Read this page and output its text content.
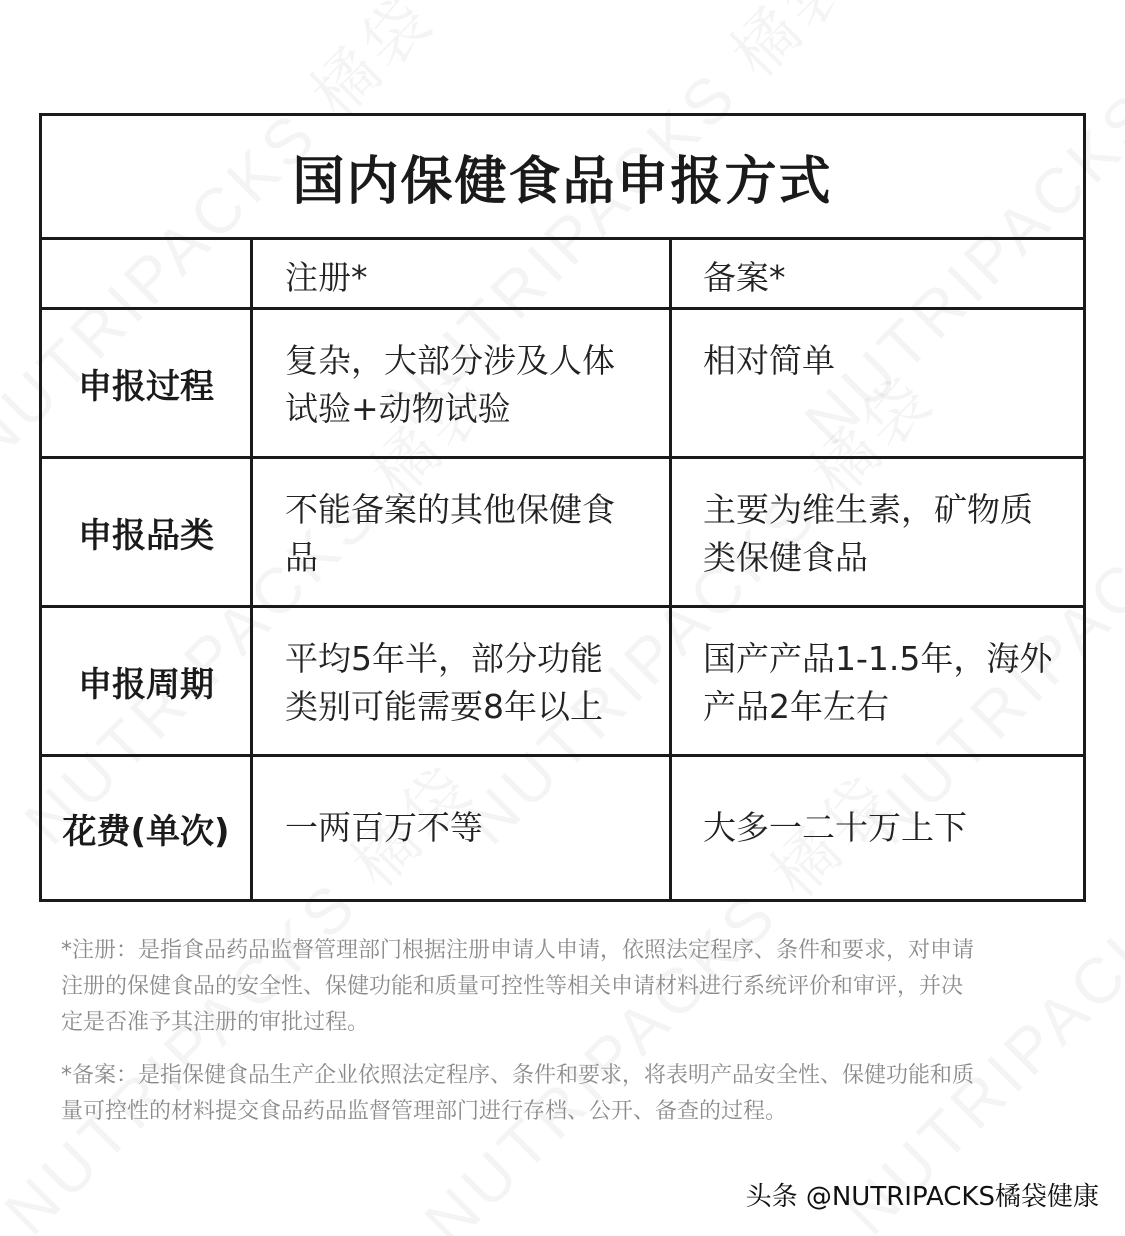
国内保健食品申报方式
注册*	备案*
申报过程
复杂，大部分涉及人体
试验+动物试验
相对简单
申报品类
不能备案的其他保健食
品
主要为维生素，矿物质
类保健食品
申报周期
平均5年半，部分功能
类别可能需要8年以上
国产产品1-1.5年，海外
产品2年左右
花费(单次) 一两百万不等	大多一二十万上下
*注册：是指食品药品监督管理部门根据注册申请人申请，依照法定程序、条件和要求，对申请
注册的保健食品的安全性、保健功能和质量可控性等相关申请材料进行系统评价和审评，并决
定是否准予其注册的审批过程。
*备案：是指保健食品生产企业依照法定程序、条件和要求，将表明产品安全性、保健功能和质
量可控性的材料提交食品药品监督管理部门进行存档、公开、备查的过程。
头条 @NUTRIPACKS橘袋健康
